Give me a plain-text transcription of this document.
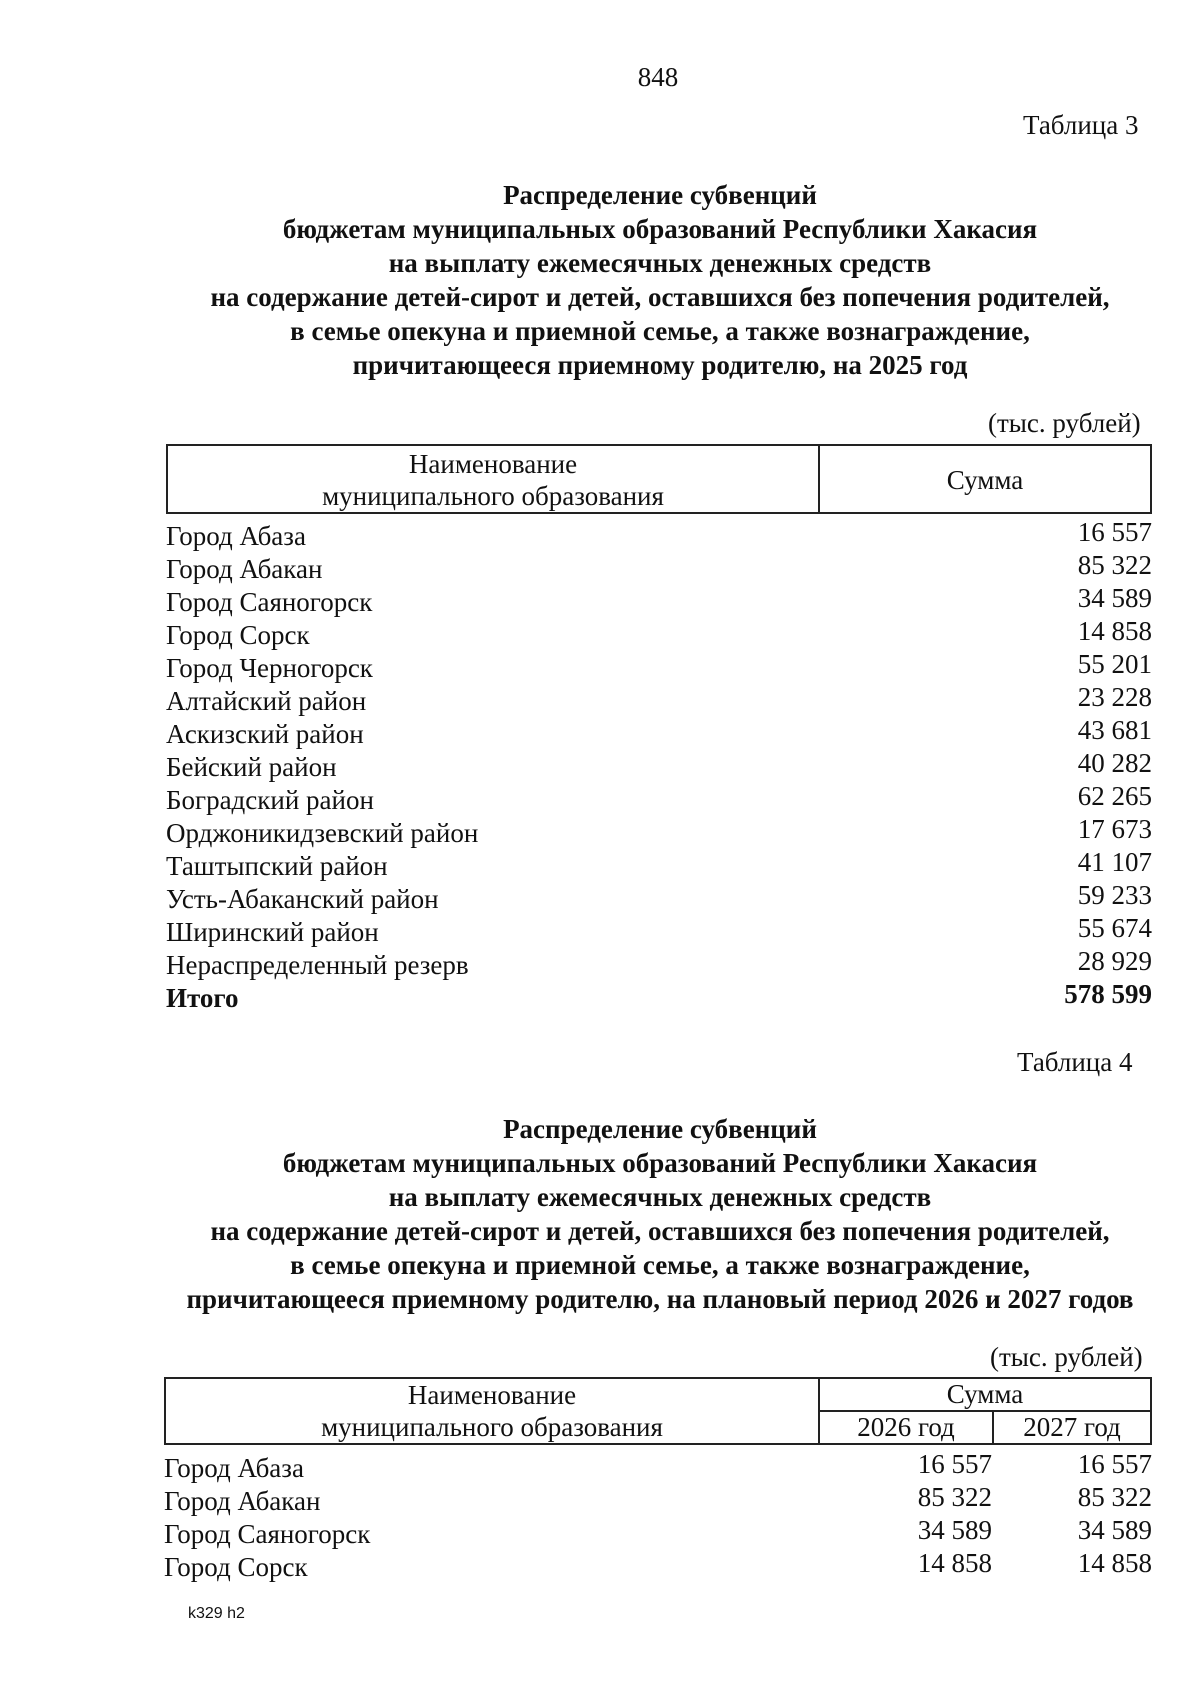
848
Таблица 3
Распределение субвенций
бюджетам муниципальных образований Республики Хакасия
на выплату ежемесячных денежных средств
на содержание детей-сирот и детей, оставшихся без попечения родителей,
в семье опекуна и приемной семье, а также вознаграждение,
причитающееся приемному родителю, на 2025 год
(тыс. рублей)
Наименование
муниципального образования
Сумма
Город Абаза	16 557
Город Абакан	85 322
Город Саяногорск	34 589
Город Сорск	14 858
Город Черногорск	55 201
Алтайский район	23 228
Аскизский район	43 681
Бейский район	40 282
Боградский район	62 265
Орджоникидзевский район	17 673
Таштыпский район	41 107
Усть-Абаканский район	59 233
Ширинский район	55 674
Нераспределенный резерв	28 929
Итого	578 599
Таблица 4
Распределение субвенций
бюджетам муниципальных образований Республики Хакасия
на выплату ежемесячных денежных средств
на содержание детей-сирот и детей, оставшихся без попечения родителей,
в семье опекуна и приемной семье, а также вознаграждение,
причитающееся приемному родителю, на плановый период 2026 и 2027 годов
(тыс. рублей)
Наименование
муниципального образования
Сумма
2026 год	2027 год
Город Абаза	16 557	16 557
Город Абакан	85 322	85 322
Город Саяногорск	34 589	34 589
Город Сорск	14 858	14 858
k329 h2
